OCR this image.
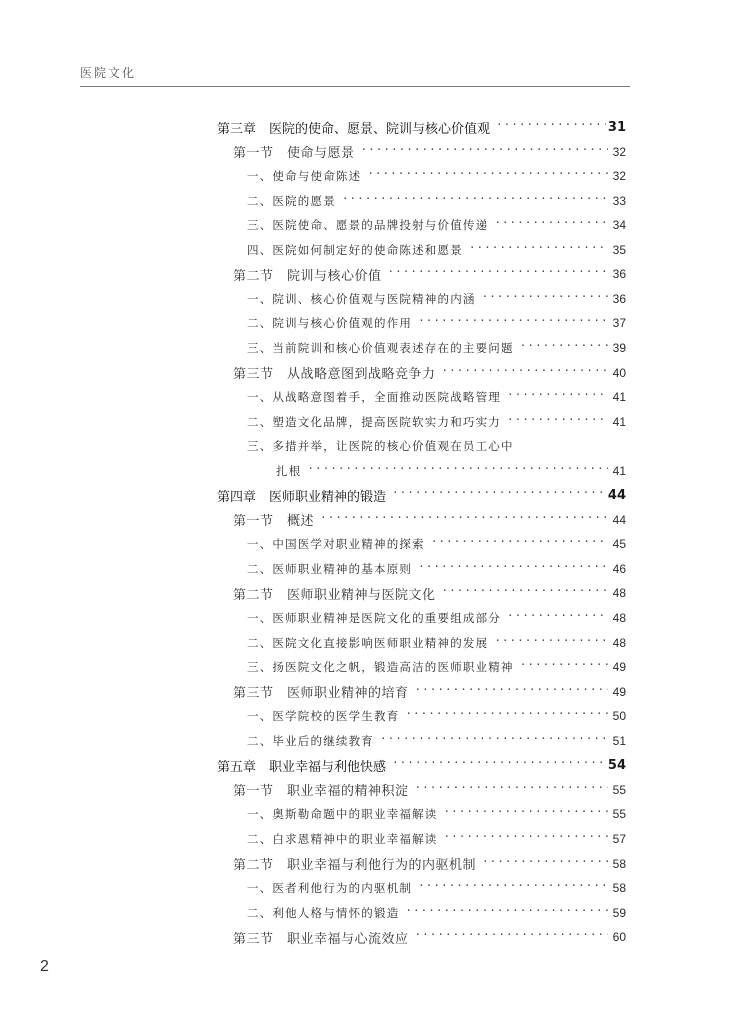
医院文化
第三章　医院的使命、愿景、院训与核心价值观 ·····	31
第一节　使命与愿景 ·····	32
一、使命与使命陈述 ·····	32
二、医院的愿景 ·····	33
三、医院使命、愿景的品牌投射与价值传递 ·····	34
四、医院如何制定好的使命陈述和愿景 ·····	35
第二节　院训与核心价值 ·····	36
一、院训、核心价值观与医院精神的内涵 ·····	36
二、院训与核心价值观的作用 ·····	37
三、当前院训和核心价值观表述存在的主要问题 ·····	39
第三节　从战略意图到战略竞争力 ·····	40
一、从战略意图着手，全面推动医院战略管理 ·····	41
二、塑造文化品牌，提高医院软实力和巧实力 ·····	41
三、多措并举，让医院的核心价值观在员工心中
扎根 ·····	41
第四章　医师职业精神的锻造 ·····	44
第一节　概述 ·····	44
一、中国医学对职业精神的探索 ·····	45
二、医师职业精神的基本原则 ·····	46
第二节　医师职业精神与医院文化 ·····	48
一、医师职业精神是医院文化的重要组成部分 ·····	48
二、医院文化直接影响医师职业精神的发展 ·····	48
三、扬医院文化之帆，锻造高洁的医师职业精神 ·····	49
第三节　医师职业精神的培育 ·····	49
一、医学院校的医学生教育 ·····	50
二、毕业后的继续教育 ·····	51
第五章　职业幸福与利他快感 ·····	54
第一节　职业幸福的精神积淀 ·····	55
一、奥斯勒命题中的职业幸福解读 ·····	55
二、白求恩精神中的职业幸福解读 ·····	57
第二节　职业幸福与利他行为的内驱机制 ·····	58
一、医者利他行为的内驱机制 ·····	58
二、利他人格与情怀的锻造 ·····	59
第三节　职业幸福与心流效应 ·····	60
2
